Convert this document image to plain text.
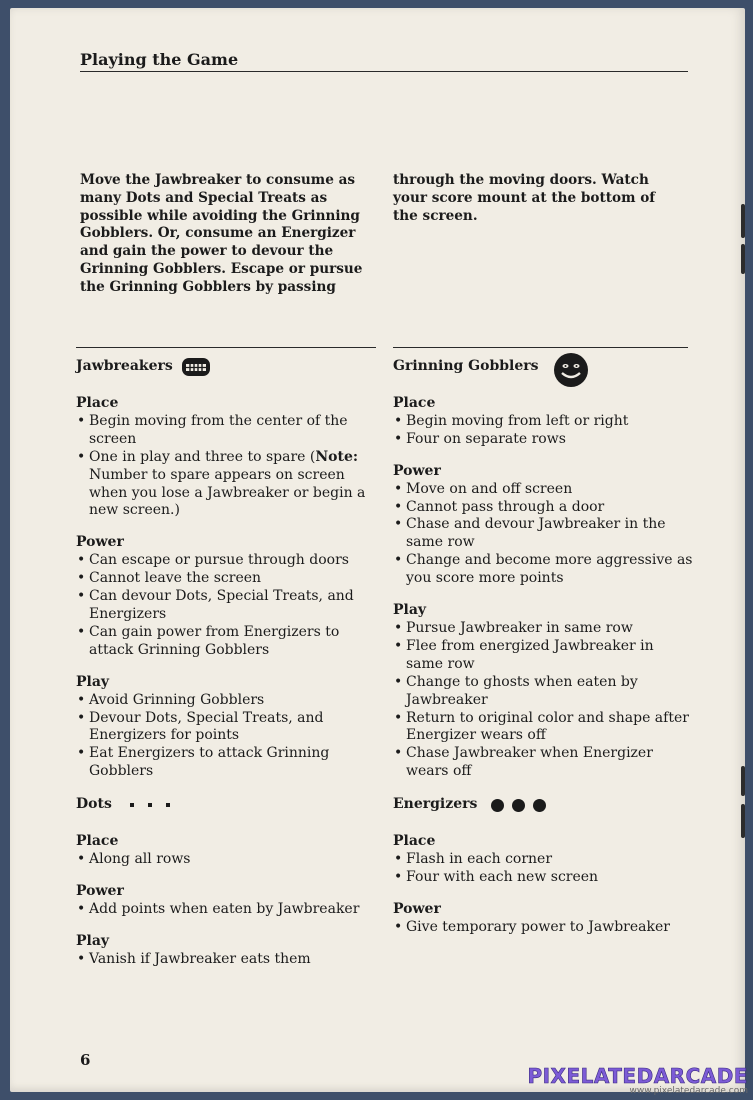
Playing the Game
Move the Jawbreaker to consume as many Dots and Special Treats as possible while avoiding the Grinning Gobblers. Or, consume an Energizer and gain the power to devour the Grinning Gobblers. Escape or pursue the Grinning Gobblers by passing
through the moving doors. Watch your score mount at the bottom of the screen.
Jawbreakers
Place
• Begin moving from the center of the screen
• One in play and three to spare (Note: Number to spare appears on screen when you lose a Jawbreaker or begin a new screen.)
Power
• Can escape or pursue through doors
• Cannot leave the screen
• Can devour Dots, Special Treats, and Energizers
• Can gain power from Energizers to attack Grinning Gobblers
Play
• Avoid Grinning Gobblers
• Devour Dots, Special Treats, and Energizers for points
• Eat Energizers to attack Grinning Gobblers
Dots
Place
• Along all rows
Power
• Add points when eaten by Jawbreaker
Play
• Vanish if Jawbreaker eats them
Grinning Gobblers
Place
• Begin moving from left or right
• Four on separate rows
Power
• Move on and off screen
• Cannot pass through a door
• Chase and devour Jawbreaker in the same row
• Change and become more aggressive as you score more points
Play
• Pursue Jawbreaker in same row
• Flee from energized Jawbreaker in same row
• Change to ghosts when eaten by Jawbreaker
• Return to original color and shape after Energizer wears off
• Chase Jawbreaker when Energizer wears off
Energizers
Place
• Flash in each corner
• Four with each new screen
Power
• Give temporary power to Jawbreaker
6
PIXELATEDARCADE
www.pixelatedarcade.com
